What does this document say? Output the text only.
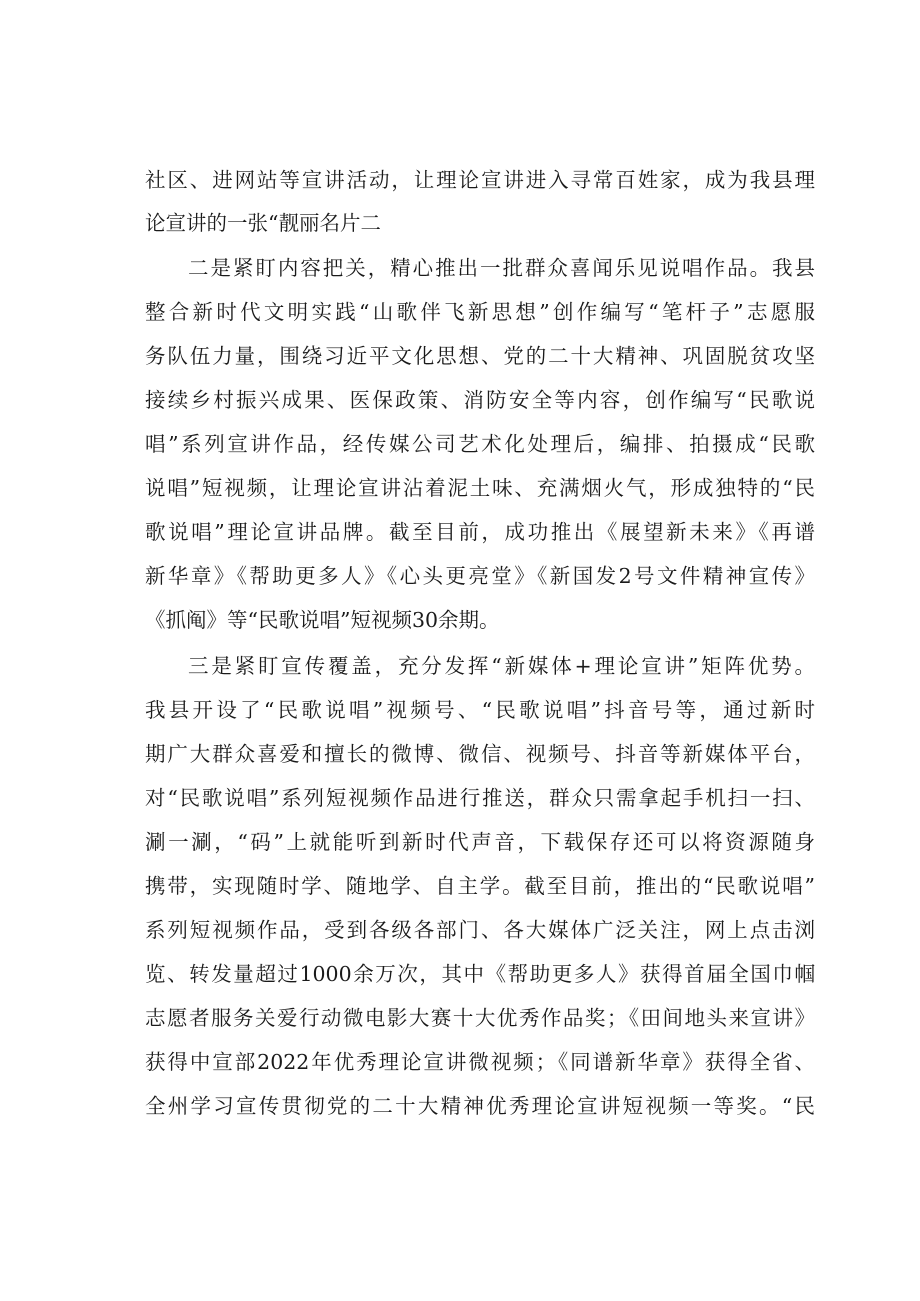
社区、进网站等宣讲活动，让理论宣讲进入寻常百姓家，成为我县理
论宣讲的一张“靓丽名片二
二是紧盯内容把关，精心推出一批群众喜闻乐见说唱作品。我县
整合新时代文明实践“山歌伴飞新思想”创作编写“笔杆子”志愿服
务队伍力量，围绕习近平文化思想、党的二十大精神、巩固脱贫攻坚
接续乡村振兴成果、医保政策、消防安全等内容，创作编写“民歌说
唱”系列宣讲作品，经传媒公司艺术化处理后，编排、拍摄成“民歌
说唱”短视频，让理论宣讲沾着泥土味、充满烟火气，形成独特的“民
歌说唱”理论宣讲品牌。截至目前，成功推出《展望新未来》《再谱
新华章》《帮助更多人》《心头更亮堂》《新国发2号文件精神宣传》
《抓阄》等“民歌说唱”短视频30余期。
三是紧盯宣传覆盖，充分发挥“新媒体+理论宣讲”矩阵优势。
我县开设了“民歌说唱”视频号、“民歌说唱”抖音号等，通过新时
期广大群众喜爱和擅长的微博、微信、视频号、抖音等新媒体平台，
对“民歌说唱”系列短视频作品进行推送，群众只需拿起手机扫一扫、
涮一涮，“码”上就能听到新时代声音，下载保存还可以将资源随身
携带，实现随时学、随地学、自主学。截至目前，推出的“民歌说唱”
系列短视频作品，受到各级各部门、各大媒体广泛关注，网上点击浏
览、转发量超过1000余万次，其中《帮助更多人》获得首届全国巾帼
志愿者服务关爱行动微电影大赛十大优秀作品奖；《田间地头来宣讲》
获得中宣部2022年优秀理论宣讲微视频；《同谱新华章》获得全省、
全州学习宣传贯彻党的二十大精神优秀理论宣讲短视频一等奖。“民
